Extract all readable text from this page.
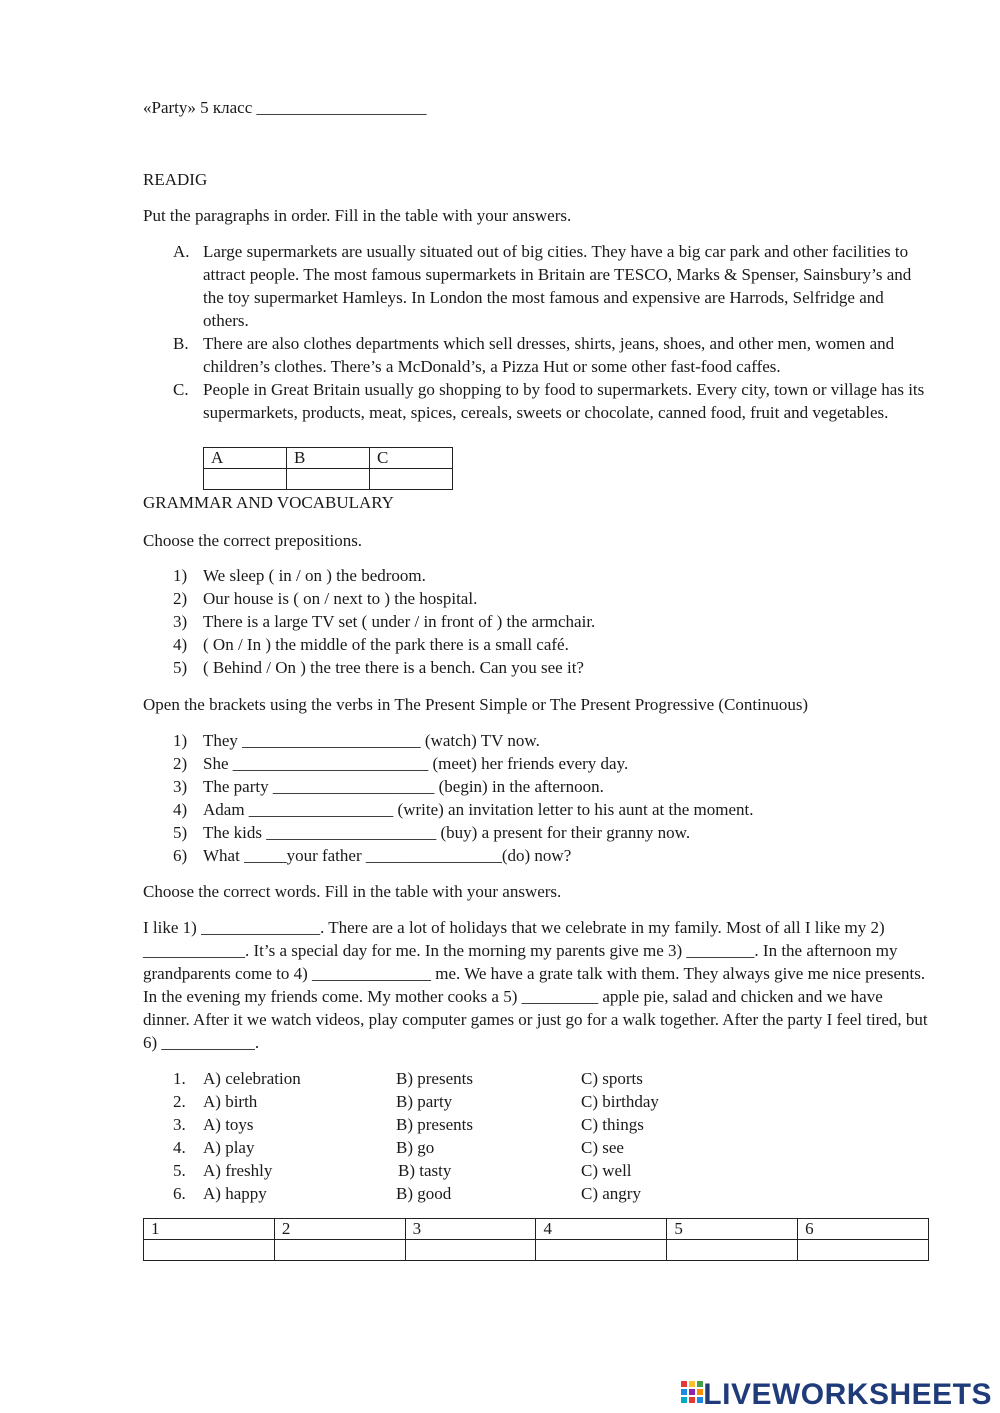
«Party» 5 класс ____________________

READIG

Put the paragraphs in order. Fill in the table with your answers.

A. Large supermarkets are usually situated out of big cities. They have a big car park and other facilities to attract people. The most famous supermarkets in Britain are TESCO, Marks & Spenser, Sainsbury’s and the toy supermarket Hamleys. In London the most famous and expensive are Harrods, Selfridge and others.
B. There are also clothes departments which sell dresses, shirts, jeans, shoes, and other men, women and children’s clothes. There’s a McDonald’s, a Pizza Hut or some other fast-food caffes.
C. People in Great Britain usually go shopping to by food to supermarkets. Every city, town or village has its supermarkets, products, meat, spices, cereals, sweets or chocolate, canned food, fruit and vegetables.
A	B	C

GRAMMAR AND VOCABULARY

Choose the correct prepositions.

1) We sleep ( in / on ) the bedroom.
2) Our house is ( on / next to ) the hospital.
3) There is a large TV set ( under / in front of ) the armchair.
4) ( On / In ) the middle of the park there is a small café.
5) ( Behind / On ) the tree there is a bench. Can you see it?

Open the brackets using the verbs in The Present Simple or The Present Progressive (Continuous)

1) They _____________________ (watch) TV now.
2) She _______________________ (meet) her friends every day.
3) The party ___________________ (begin) in the afternoon.
4) Adam _________________ (write) an invitation letter to his aunt at the moment.
5) The kids ____________________ (buy) a present for their granny now.
6) What _____your father ________________(do) now?

Choose the correct words. Fill in the table with your answers.

I like 1) ______________. There are a lot of holidays that we celebrate in my family. Most of all I like my 2) ____________. It’s a special day for me. In the morning my parents give me 3) ________. In the afternoon my grandparents come to 4) ______________ me. We have a grate talk with them. They always give me nice presents. In the evening my friends come. My mother cooks a 5) _________ apple pie, salad and chicken and we have dinner. After it we watch videos, play computer games or just go for a walk together. After the party I feel tired, but 6) ___________.

1. A) celebration	B) presents	C) sports

2. A) birth	B) party	C) birthday

3. A) toys	B) presents	C) things

4. A) play	B) go	C) see

5. A) freshly	B) tasty	C) well

6. A) happy	B) good	C) angry

1	2	3	4	5	6

LIVEWORKSHEETS
